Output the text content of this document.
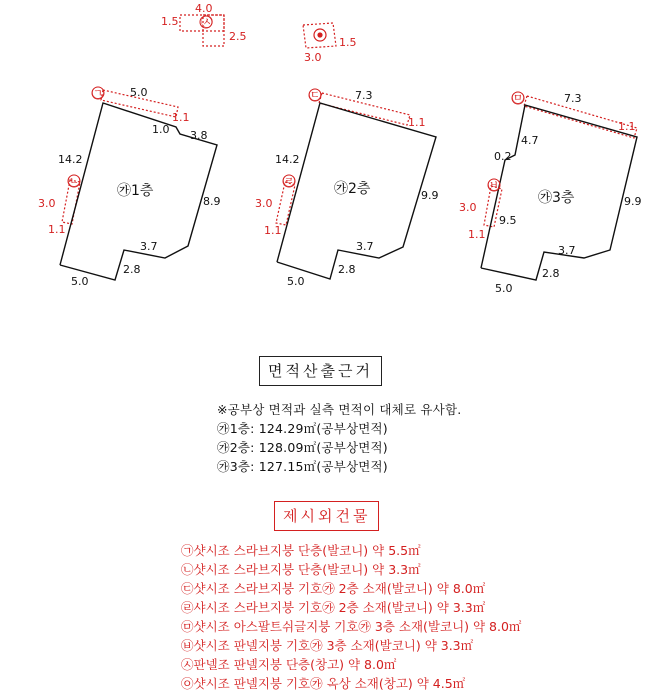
㉦
4.0
1.5
2.5	1.5
3.0
㉠
㉡
5.0
1.1
1.0 3.8
14.2
3.0
1.1
8.9
3.7
2.8
5.0
㉮1층
㉢
㉣
7.3
1.1
14.2
3.0
1.1
9.9
3.7
2.8
5.0
㉮2층
㉤
㉥
7.3
1.1
4.7
0.2
3.0
1.1
9.5
9.9
3.7
2.8
5.0
㉮3층
면적산출근거
※공부상 면적과 실측 면적이 대체로 유사함.
㉮1층: 124.29㎡(공부상면적)
㉮2층: 128.09㎡(공부상면적)
㉮3층: 127.15㎡(공부상면적)
제시외건물
㉠샷시조 스라브지붕 단층(발코니) 약 5.5㎡
㉡샷시조 스라브지붕 단층(발코니) 약 3.3㎡
㉢샷시조 스라브지붕 기호㉮ 2층 소재(발코니) 약 8.0㎡
㉣샤시조 스라브지붕 기호㉮ 2층 소재(발코니) 약 3.3㎡
㉤샷시조 아스팔트쉬글지붕 기호㉮ 3층 소재(발코니) 약 8.0㎡
㉥샷시조 판넬지붕 기호㉮ 3층 소재(발코니) 약 3.3㎡
㉦판넬조 판넬지붕 단층(창고) 약 8.0㎡
㉧샷시조 판넬지붕 기호㉮ 옥상 소재(창고) 약 4.5㎡
